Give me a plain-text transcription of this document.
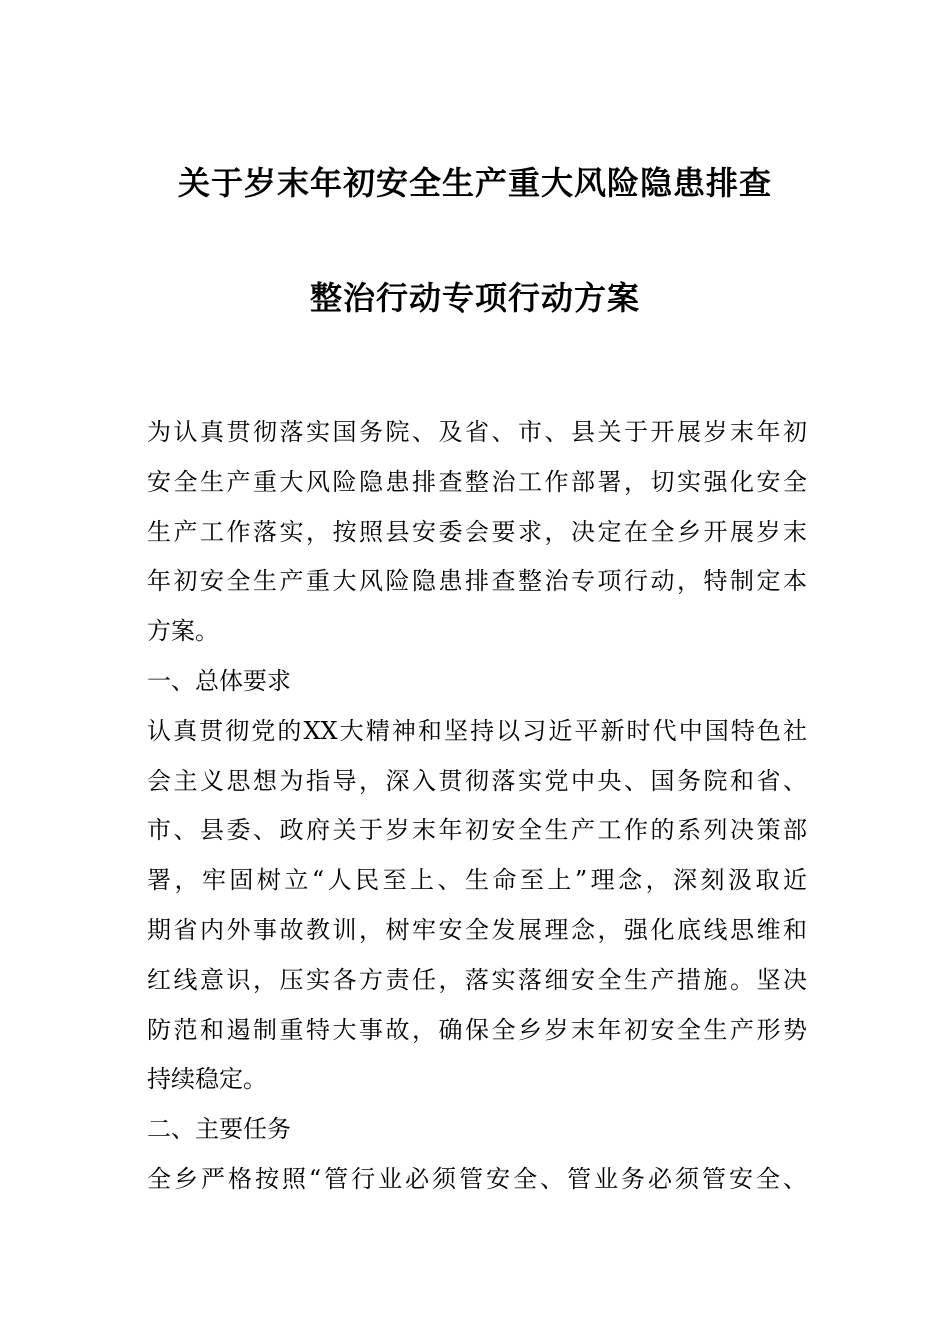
关于岁末年初安全生产重大风险隐患排查
整治行动专项行动方案
为认真贯彻落实国务院、及省、市、县关于开展岁末年初
安全生产重大风险隐患排查整治工作部署，切实强化安全
生产工作落实，按照县安委会要求，决定在全乡开展岁末
年初安全生产重大风险隐患排查整治专项行动，特制定本
方案。
一、总体要求
认真贯彻党的XX大精神和坚持以习近平新时代中国特色社
会主义思想为指导，深入贯彻落实党中央、国务院和省、
市、县委、政府关于岁末年初安全生产工作的系列决策部
署，牢固树立“人民至上、生命至上”理念，深刻汲取近
期省内外事故教训，树牢安全发展理念，强化底线思维和
红线意识，压实各方责任，落实落细安全生产措施。坚决
防范和遏制重特大事故，确保全乡岁末年初安全生产形势
持续稳定。
二、主要任务
全乡严格按照“管行业必须管安全、管业务必须管安全、
